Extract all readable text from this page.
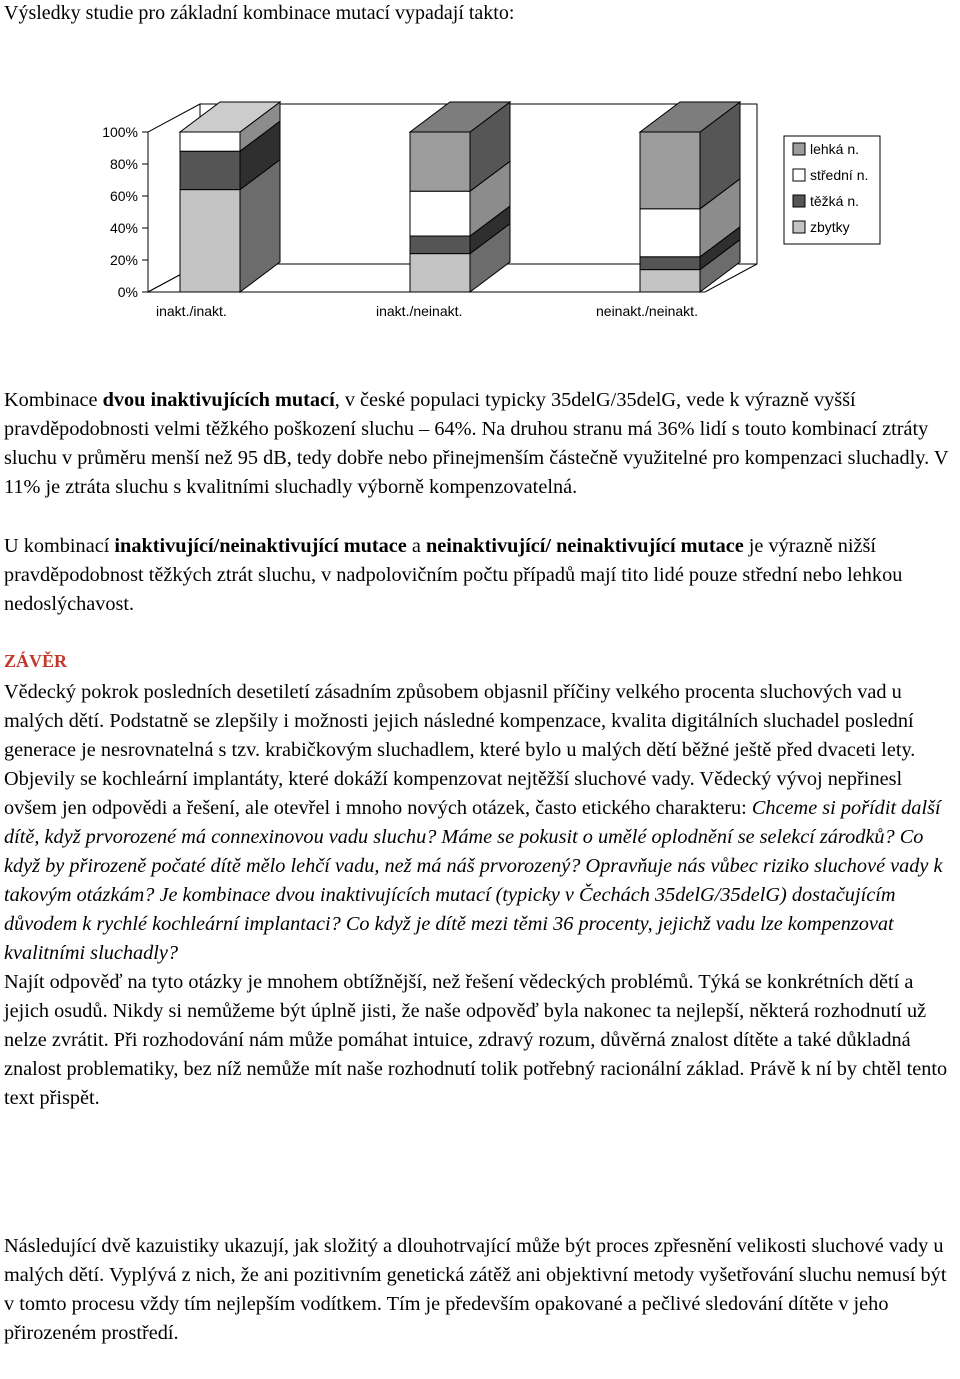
Výsledky studie pro základní kombinace mutací vypadají takto:
0%
20%
40%
60%
80%
100%
inakt./inakt.	inakt./neinakt.	neinakt./neinakt.
lehká n.
střední n.
těžká n.
zbytky

Kombinace dvou inaktivujících mutací, v české populaci typicky 35delG/35delG, vede k výrazně vyšší pravděpodobnosti velmi těžkého poškození sluchu – 64%. Na druhou stranu má 36% lidí s touto kombinací ztráty sluchu v průměru menší než 95 dB, tedy dobře nebo přinejmenším částečně využitelné pro kompenzaci sluchadly. V 11% je ztráta sluchu s kvalitními sluchadly výborně kompenzovatelná.

U kombinací inaktivující/neinaktivující mutace a neinaktivující/ neinaktivující mutace je výrazně nižší pravděpodobnost těžkých ztrát sluchu, v nadpolovičním počtu případů mají tito lidé pouze střední nebo lehkou nedoslýchavost.

ZÁVĚR

Vědecký pokrok posledních desetiletí zásadním způsobem objasnil příčiny velkého procenta sluchových vad u malých dětí. Podstatně se zlepšily i možnosti jejich následné kompenzace, kvalita digitálních sluchadel poslední generace je nesrovnatelná s tzv. krabičkovým sluchadlem, které bylo u malých dětí běžné ještě před dvaceti lety. Objevily se kochleární implantáty, které dokáží kompenzovat nejtěžší sluchové vady. Vědecký vývoj nepřinesl ovšem jen odpovědi a řešení, ale otevřel i mnoho nových otázek, často etického charakteru: Chceme si pořídit další dítě, když prvorozené má connexinovou vadu sluchu? Máme se pokusit o umělé oplodnění se selekcí zárodků? Co když by přirozeně počaté dítě mělo lehčí vadu, než má náš prvorozený? Opravňuje nás vůbec riziko sluchové vady k takovým otázkám? Je kombinace dvou inaktivujících mutací (typicky v Čechách 35delG/35delG) dostačujícím důvodem k rychlé kochleární implantaci? Co když je dítě mezi těmi 36 procenty, jejichž vadu lze kompenzovat kvalitními sluchadly?

Najít odpověď na tyto otázky je mnohem obtížnější, než řešení vědeckých problémů. Týká se konkrétních dětí a jejich osudů. Nikdy si nemůžeme být úplně jisti, že naše odpověď byla nakonec ta nejlepší, některá rozhodnutí už nelze zvrátit. Při rozhodování nám může pomáhat intuice, zdravý rozum, důvěrná znalost dítěte a také důkladná znalost problematiky, bez níž nemůže mít naše rozhodnutí tolik potřebný racionální základ. Právě k ní by chtěl tento text přispět.

Následující dvě kazuistiky ukazují, jak složitý a dlouhotrvající může být proces zpřesnění velikosti sluchové vady u malých dětí. Vyplývá z nich, že ani pozitivním genetická zátěž ani objektivní metody vyšetřování sluchu nemusí být v tomto procesu vždy tím nejlepším vodítkem. Tím je především opakované a pečlivé sledování dítěte v jeho přirozeném prostředí.
